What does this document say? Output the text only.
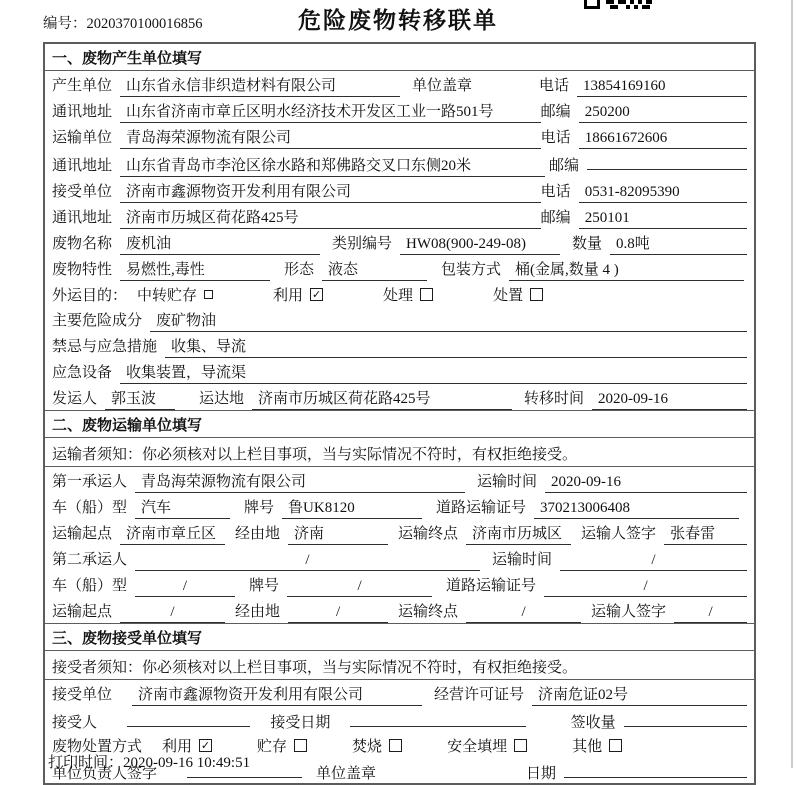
编号：2020370100016856	危险废物转移联单
一、废物产生单位填写
产生单位 山东省永信非织造材料有限公司	单位盖章	电话 13854169160
通讯地址 山东省济南市章丘区明水经济技术开发区工业一路501号	邮编 250200
运输单位 青岛海荣源物流有限公司	电话 18661672606
通讯地址 山东省青岛市李沧区徐水路和郑佛路交叉口东侧20米	邮编
接受单位 济南市鑫源物资开发利用有限公司	电话 0531-82095390
通讯地址 济南市历城区荷花路425号	邮编 250101
废物名称 废机油	类别编号 HW08(900-249-08)	数量 0.8吨
废物特性 易燃性,毒性	形态 液态	包装方式 桶(金属,数量 4 )
外运目的： 中转贮存	利用 ✓	处理	处置
主要危险成分 废矿物油
禁忌与应急措施 收集、导流
应急设备 收集装置，导流渠
发运人 郭玉波	运达地 济南市历城区荷花路425号	转移时间 2020-09-16
二、废物运输单位填写
运输者须知：你必须核对以上栏目事项，当与实际情况不符时，有权拒绝接受。
第一承运人 青岛海荣源物流有限公司	运输时间 2020-09-16
车（船）型 汽车	牌号 鲁UK8120	道路运输证号 370213006408
运输起点 济南市章丘区	经由地 济南	运输终点 济南市历城区	运输人签字 张春雷
第二承运人	/	运输时间	/
车（船）型	/	牌号	/	道路运输证号	/
运输起点	/	经由地	/	运输终点	/	运输人签字	/
三、废物接受单位填写
接受者须知：你必须核对以上栏目事项，当与实际情况不符时，有权拒绝接受。
接受单位	济南市鑫源物资开发利用有限公司	经营许可证号 济南危证02号
接受人	接受日期	签收量
废物处置方式 利用 ✓	贮存	焚烧	安全填埋	其他
单位负责人签字	单位盖章	日期
打印时间：2020-09-16 10:49:51
